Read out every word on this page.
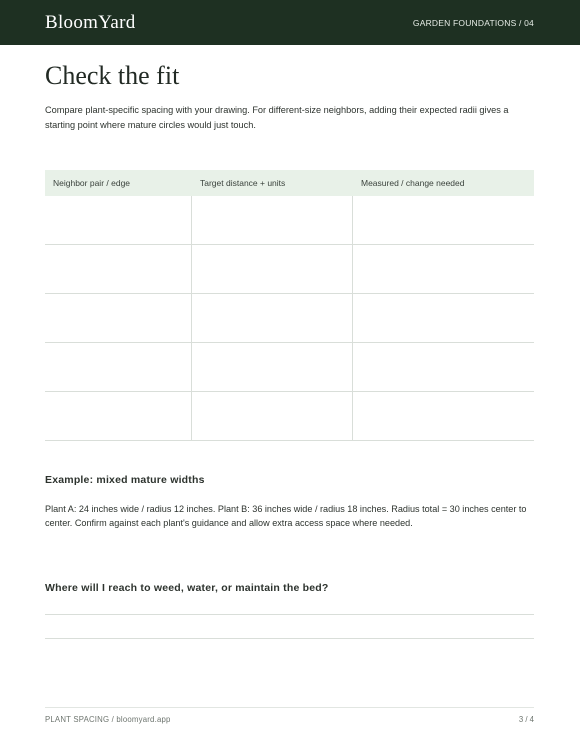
BloomYard	GARDEN FOUNDATIONS / 04
Check the fit

Compare plant-specific spacing with your drawing. For different-size neighbors, adding their expected radii gives a starting point where mature circles would just touch.

Neighbor pair / edge	Target distance + units	Measured / change needed
Example: mixed mature widths

Plant A: 24 inches wide / radius 12 inches. Plant B: 36 inches wide / radius 18 inches. Radius total = 30 inches center to center. Confirm against each plant's guidance and allow extra access space where needed.

Where will I reach to weed, water, or maintain the bed?
PLANT SPACING / bloomyard.app	3 / 4
